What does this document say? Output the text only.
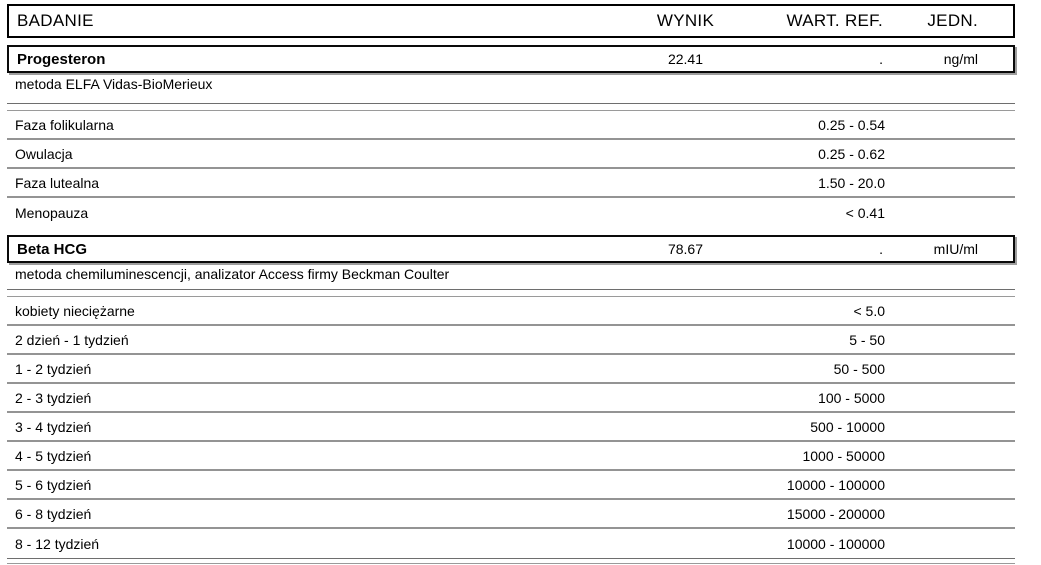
BADANIE	WYNIK	WART. REF.	JEDN.
Progesteron	22.41	.	ng/ml
metoda ELFA Vidas-BioMerieux
Faza folikularna	0.25 - 0.54
Owulacja	0.25 - 0.62
Faza lutealna	1.50 - 20.0
Menopauza	< 0.41
Beta HCG	78.67	.	mIU/ml
metoda chemiluminescencji, analizator Access firmy Beckman Coulter
kobiety nieciężarne	< 5.0
2 dzień - 1 tydzień	5 - 50
1 - 2 tydzień	50 - 500
2 - 3 tydzień	100 - 5000
3 - 4 tydzień	500 - 10000
4 - 5 tydzień	1000 - 50000
5 - 6 tydzień	10000 - 100000
6 - 8 tydzień	15000 - 200000
8 - 12 tydzień	10000 - 100000
